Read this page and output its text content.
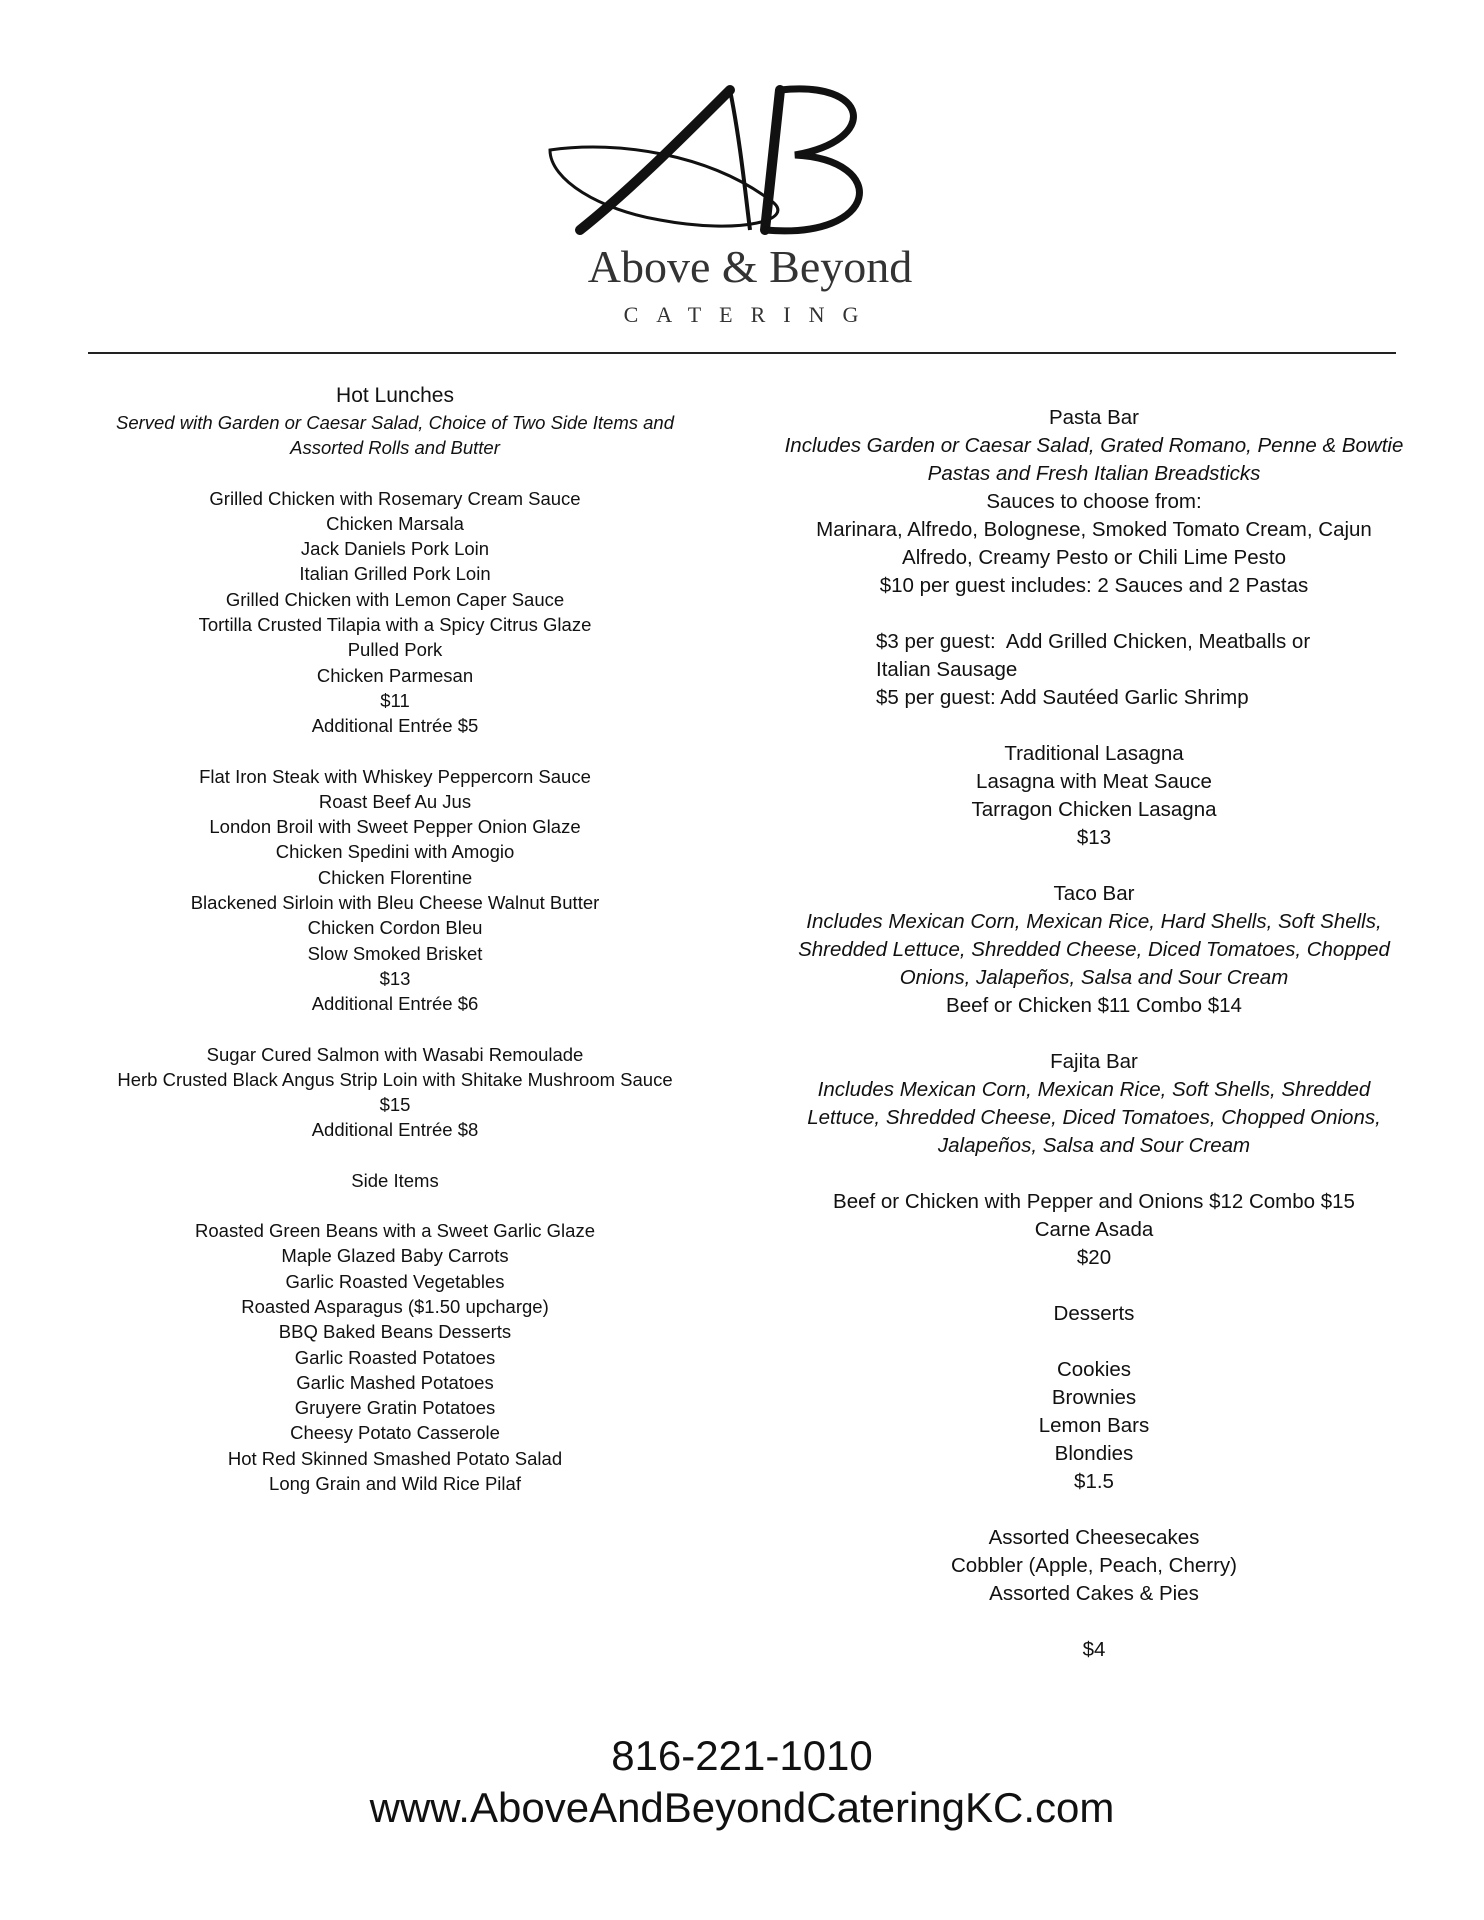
Above & Beyond
CATERING
Hot Lunches
Served with Garden or Caesar Salad, Choice of Two Side Items and
Assorted Rolls and Butter
Grilled Chicken with Rosemary Cream Sauce
Chicken Marsala
Jack Daniels Pork Loin
Italian Grilled Pork Loin
Grilled Chicken with Lemon Caper Sauce
Tortilla Crusted Tilapia with a Spicy Citrus Glaze
Pulled Pork
Chicken Parmesan
$11
Additional Entrée $5
Flat Iron Steak with Whiskey Peppercorn Sauce
Roast Beef Au Jus
London Broil with Sweet Pepper Onion Glaze
Chicken Spedini with Amogio
Chicken Florentine
Blackened Sirloin with Bleu Cheese Walnut Butter
Chicken Cordon Bleu
Slow Smoked Brisket
$13
Additional Entrée $6
Sugar Cured Salmon with Wasabi Remoulade
Herb Crusted Black Angus Strip Loin with Shitake Mushroom Sauce
$15
Additional Entrée $8
Side Items
Roasted Green Beans with a Sweet Garlic Glaze
Maple Glazed Baby Carrots
Garlic Roasted Vegetables
Roasted Asparagus ($1.50 upcharge)
BBQ Baked Beans Desserts
Garlic Roasted Potatoes
Garlic Mashed Potatoes
Gruyere Gratin Potatoes
Cheesy Potato Casserole
Hot Red Skinned Smashed Potato Salad
Long Grain and Wild Rice Pilaf
Pasta Bar
Includes Garden or Caesar Salad, Grated Romano, Penne & Bowtie
Pastas and Fresh Italian Breadsticks
Sauces to choose from:
Marinara, Alfredo, Bolognese, Smoked Tomato Cream, Cajun
Alfredo, Creamy Pesto or Chili Lime Pesto
$10 per guest includes: 2 Sauces and 2 Pastas
$3 per guest:  Add Grilled Chicken, Meatballs or
Italian Sausage
$5 per guest: Add Sautéed Garlic Shrimp
Traditional Lasagna
Lasagna with Meat Sauce
Tarragon Chicken Lasagna
$13
Taco Bar
Includes Mexican Corn, Mexican Rice, Hard Shells, Soft Shells,
Shredded Lettuce, Shredded Cheese, Diced Tomatoes, Chopped
Onions, Jalapeños, Salsa and Sour Cream
Beef or Chicken $11 Combo $14
Fajita Bar
Includes Mexican Corn, Mexican Rice, Soft Shells, Shredded
Lettuce, Shredded Cheese, Diced Tomatoes, Chopped Onions,
Jalapeños, Salsa and Sour Cream
Beef or Chicken with Pepper and Onions $12 Combo $15
Carne Asada
$20
Desserts
Cookies
Brownies
Lemon Bars
Blondies
$1.5
Assorted Cheesecakes
Cobbler (Apple, Peach, Cherry)
Assorted Cakes & Pies
$4
816-221-1010
www.AboveAndBeyondCateringKC.com
